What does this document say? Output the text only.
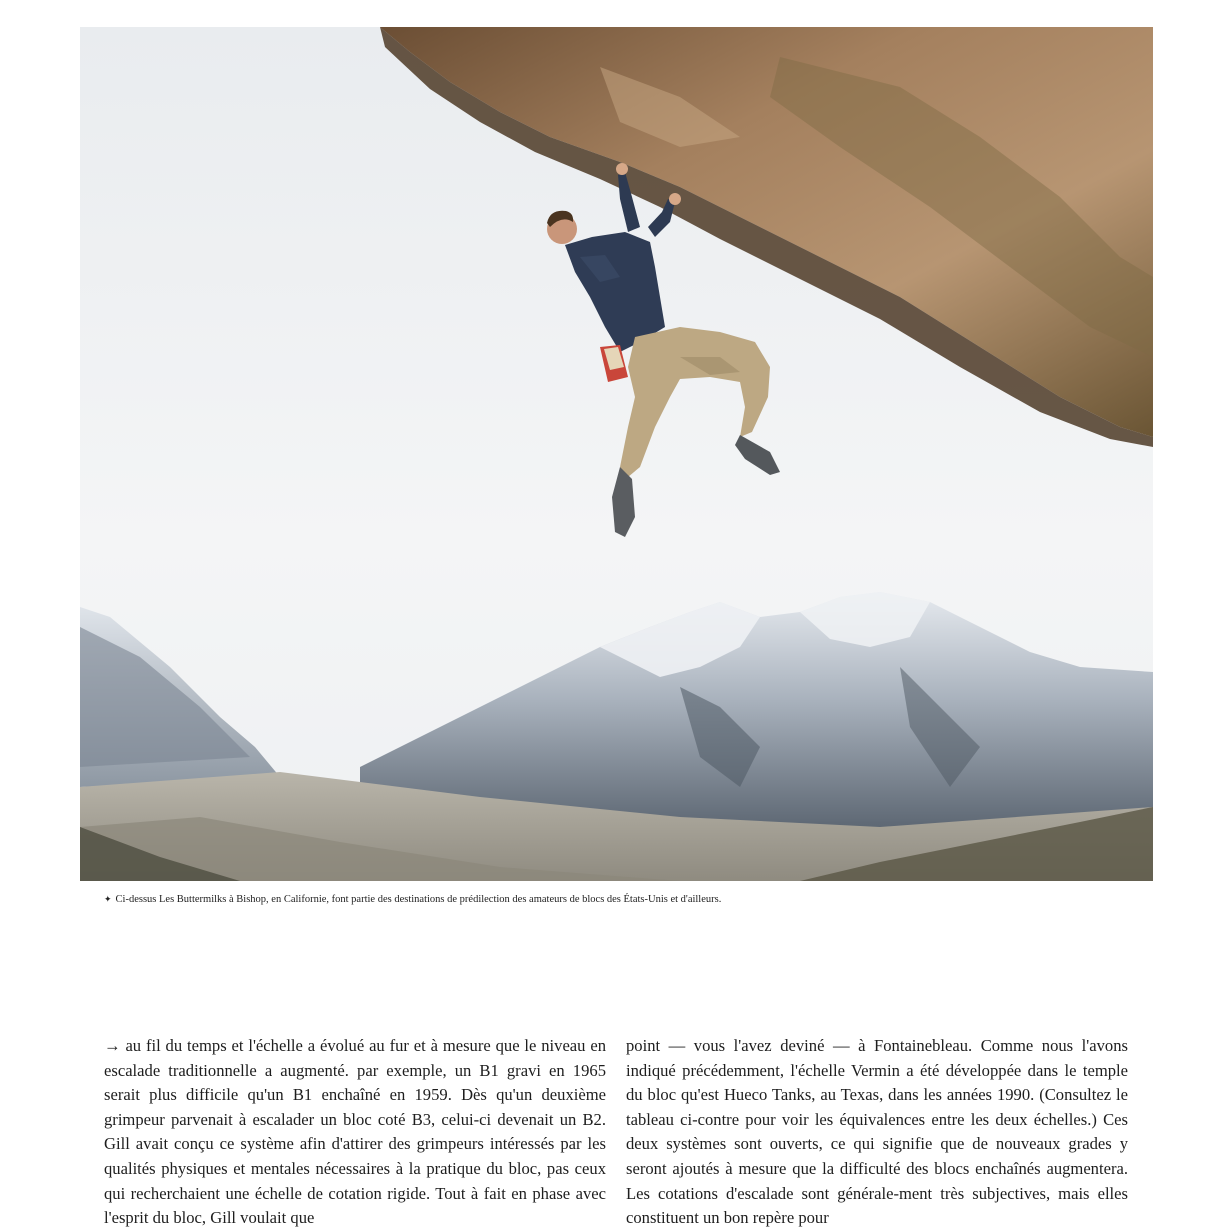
✦ Ci-dessus Les Buttermilks à Bishop, en Californie, font partie des destinations de prédilection des amateurs de blocs des États-Unis et d'ailleurs.

→ au fil du temps et l'échelle a évolué au fur et à mesure que le niveau en escalade traditionnelle a augmenté. par exemple, un B1 gravi en 1965 serait plus difficile qu'un B1 enchaîné en 1959. Dès qu'un deuxième grimpeur parvenait à escalader un bloc coté B3, celui-ci devenait un B2. Gill avait conçu ce système afin d'attirer des grimpeurs intéressés par les qualités physiques et mentales nécessaires à la pratique du bloc, pas ceux qui recherchaient une échelle de cotation rigide. Tout à fait en phase avec l'esprit du bloc, Gill voulait que

point — vous l'avez deviné — à Fontainebleau. Comme nous l'avons indiqué précédemment, l'échelle Vermin a été développée dans le temple du bloc qu'est Hueco Tanks, au Texas, dans les années 1990. (Consultez le tableau ci-contre pour voir les équivalences entre les deux échelles.) Ces deux systèmes sont ouverts, ce qui signifie que de nouveaux grades y seront ajoutés à mesure que la difficulté des blocs enchaînés augmentera. Les cotations d'escalade sont générale-ment très subjectives, mais elles constituent un bon repère pour
